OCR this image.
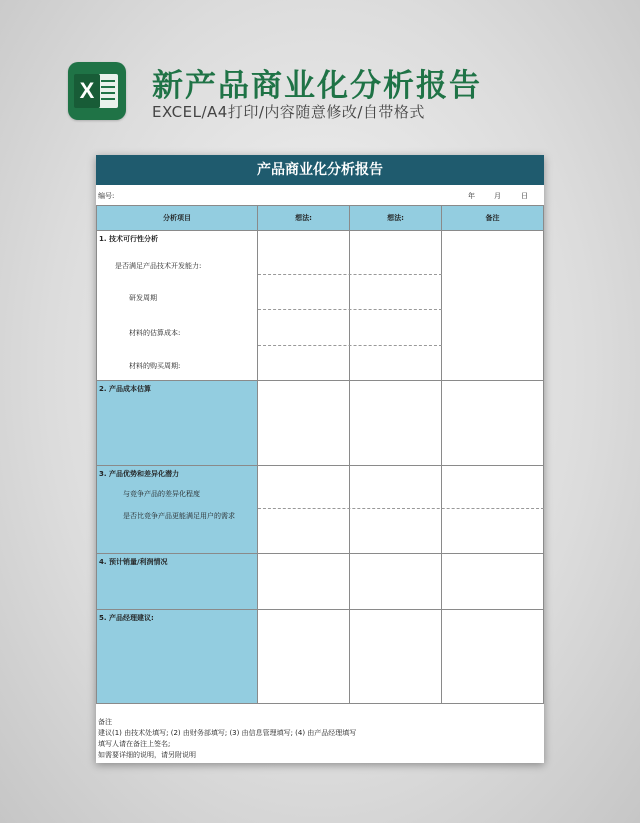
X 新产品商业化分析报告
EXCEL/A4打印/内容随意修改/自带格式
产品商业化分析报告
编号:	年	月	日
分析项目	想法:	想法:	备注
1. 技术可行性分析
是否满足产品技术开发能力:
研发周期
材料的估算成本:
材料的购买周期:
2. 产品成本估算
3. 产品优势和差异化潜力
与竞争产品的差异化程度
是否比竞争产品更能满足用户的需求
4. 预计销量/利润情况
5. 产品经理建议:
备注
建议(1) 由技术处填写; (2) 由财务部填写; (3) 由信息管理填写; (4) 由产品经理填写
填写人请在备注上签名;
如需要详细的说明，请另附说明
